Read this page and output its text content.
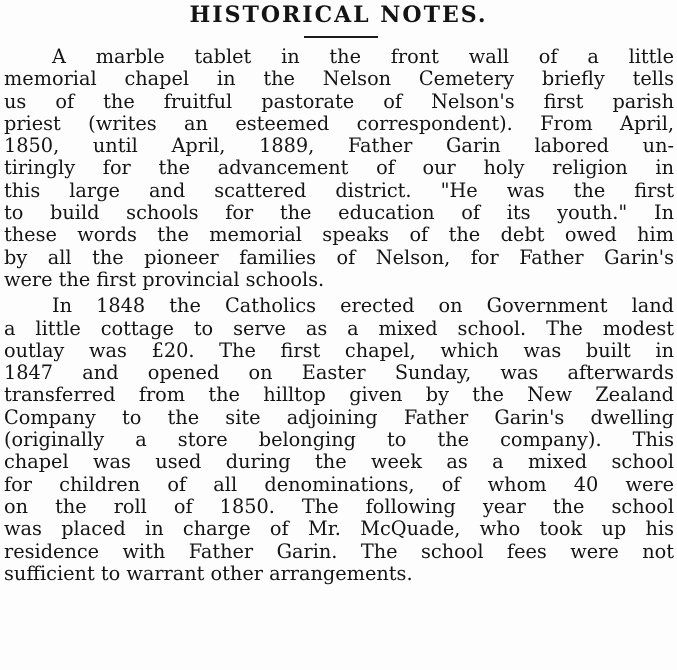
HISTORICAL NOTES.
A marble tablet in the front wall of a little
memorial chapel in the Nelson Cemetery briefly tells
us of the fruitful pastorate of Nelson's first parish
priest (writes an esteemed correspondent). From April,
1850, until April, 1889, Father Garin labored un-
tiringly for the advancement of our holy religion in
this large and scattered district. "He was the first
to build schools for the education of its youth." In
these words the memorial speaks of the debt owed him
by all the pioneer families of Nelson, for Father Garin's
were the first provincial schools.
In 1848 the Catholics erected on Government land
a little cottage to serve as a mixed school. The modest
outlay was £20. The first chapel, which was built in
1847 and opened on Easter Sunday, was afterwards
transferred from the hilltop given by the New Zealand
Company to the site adjoining Father Garin's dwelling
(originally a store belonging to the company). This
chapel was used during the week as a mixed school
for children of all denominations, of whom 40 were
on the roll of 1850. The following year the school
was placed in charge of Mr. McQuade, who took up his
residence with Father Garin. The school fees were not
sufficient to warrant other arrangements.
